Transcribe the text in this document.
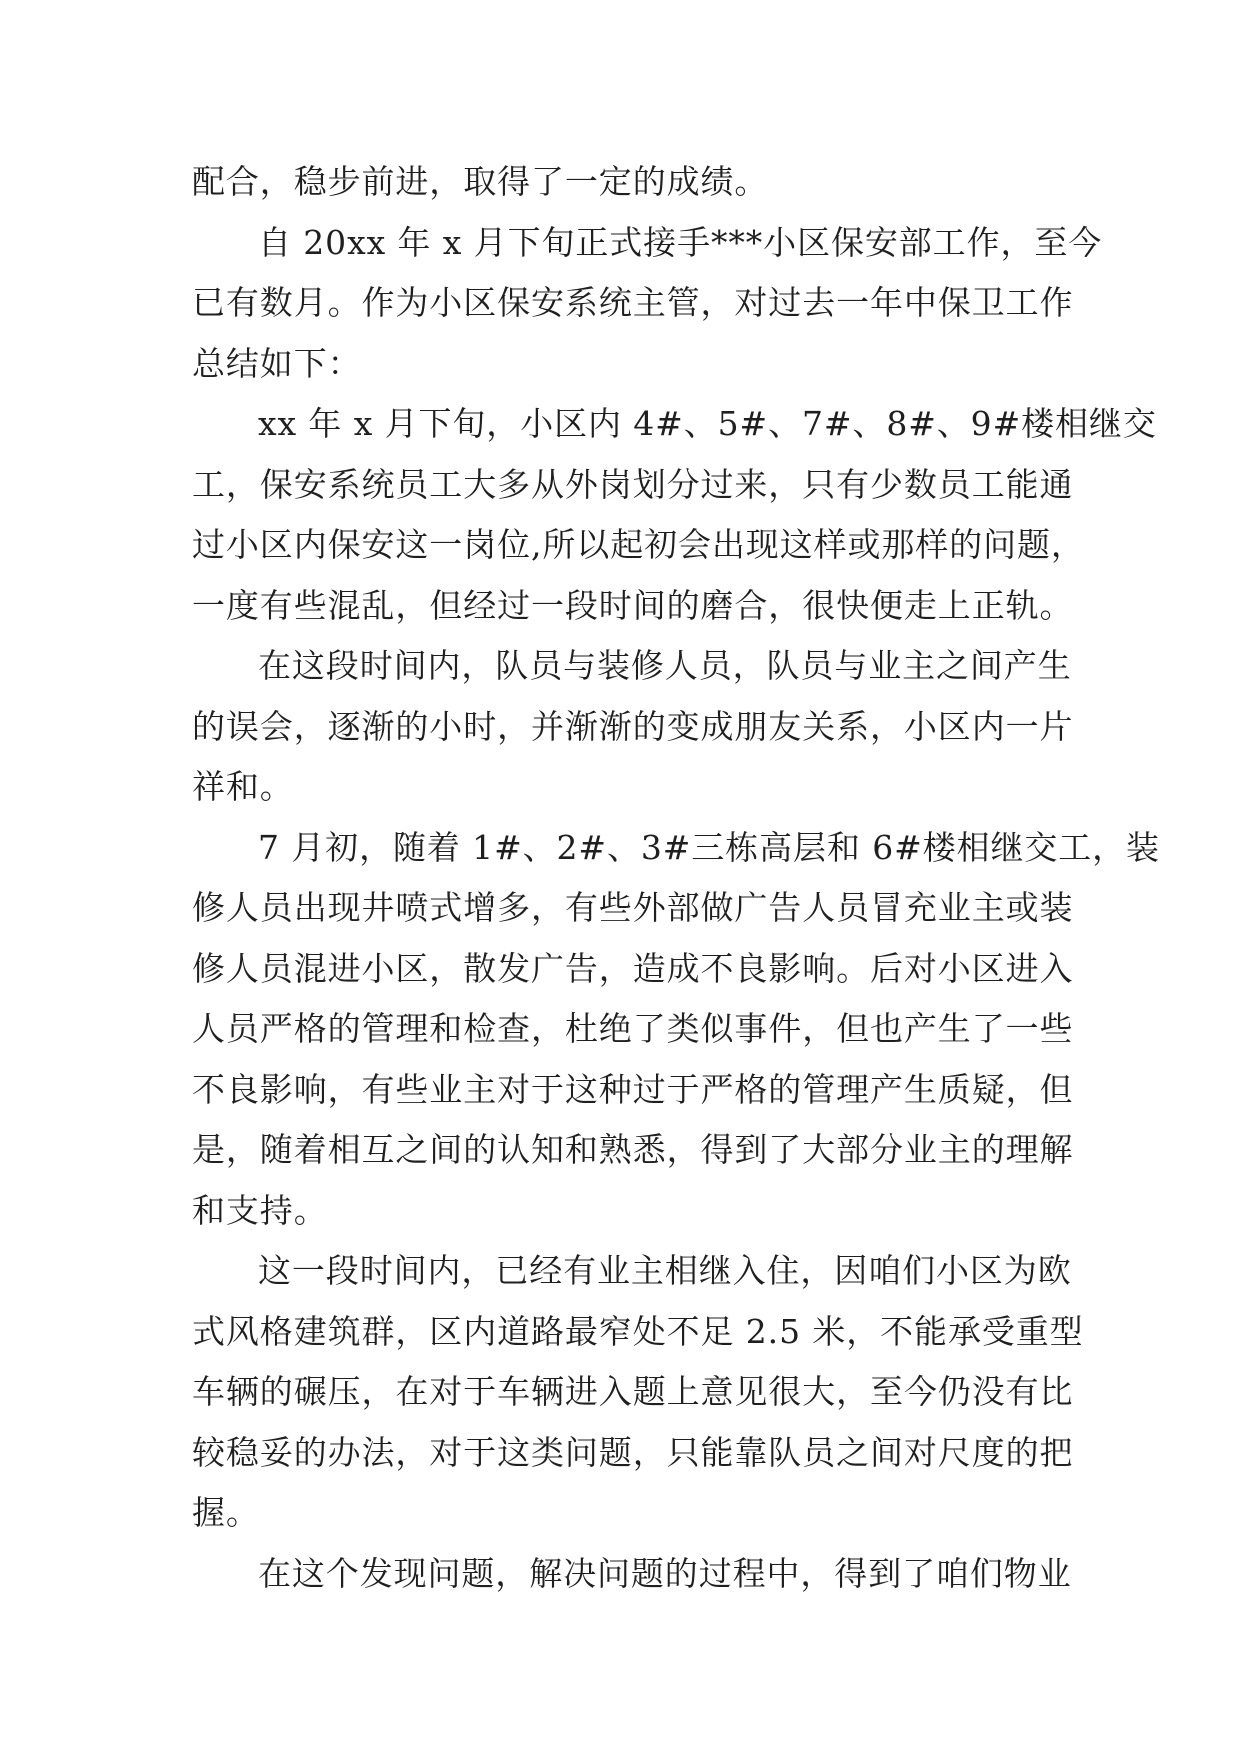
配合，稳步前进，取得了一定的成绩。
自 20xx 年 x 月下旬正式接手***小区保安部工作，至今
已有数月。作为小区保安系统主管，对过去一年中保卫工作
总结如下：
xx 年 x 月下旬，小区内 4#、5#、7#、8#、9#楼相继交
工，保安系统员工大多从外岗划分过来，只有少数员工能通
过小区内保安这一岗位,所以起初会出现这样或那样的问题，
一度有些混乱，但经过一段时间的磨合，很快便走上正轨。
在这段时间内，队员与装修人员，队员与业主之间产生
的误会，逐渐的小时，并渐渐的变成朋友关系，小区内一片
祥和。
7 月初，随着 1#、2#、3#三栋高层和 6#楼相继交工，装
修人员出现井喷式增多，有些外部做广告人员冒充业主或装
修人员混进小区，散发广告，造成不良影响。后对小区进入
人员严格的管理和检查，杜绝了类似事件，但也产生了一些
不良影响，有些业主对于这种过于严格的管理产生质疑，但
是，随着相互之间的认知和熟悉，得到了大部分业主的理解
和支持。
这一段时间内，已经有业主相继入住，因咱们小区为欧
式风格建筑群，区内道路最窄处不足 2.5 米，不能承受重型
车辆的碾压，在对于车辆进入题上意见很大，至今仍没有比
较稳妥的办法，对于这类问题，只能靠队员之间对尺度的把
握。
在这个发现问题，解决问题的过程中，得到了咱们物业
